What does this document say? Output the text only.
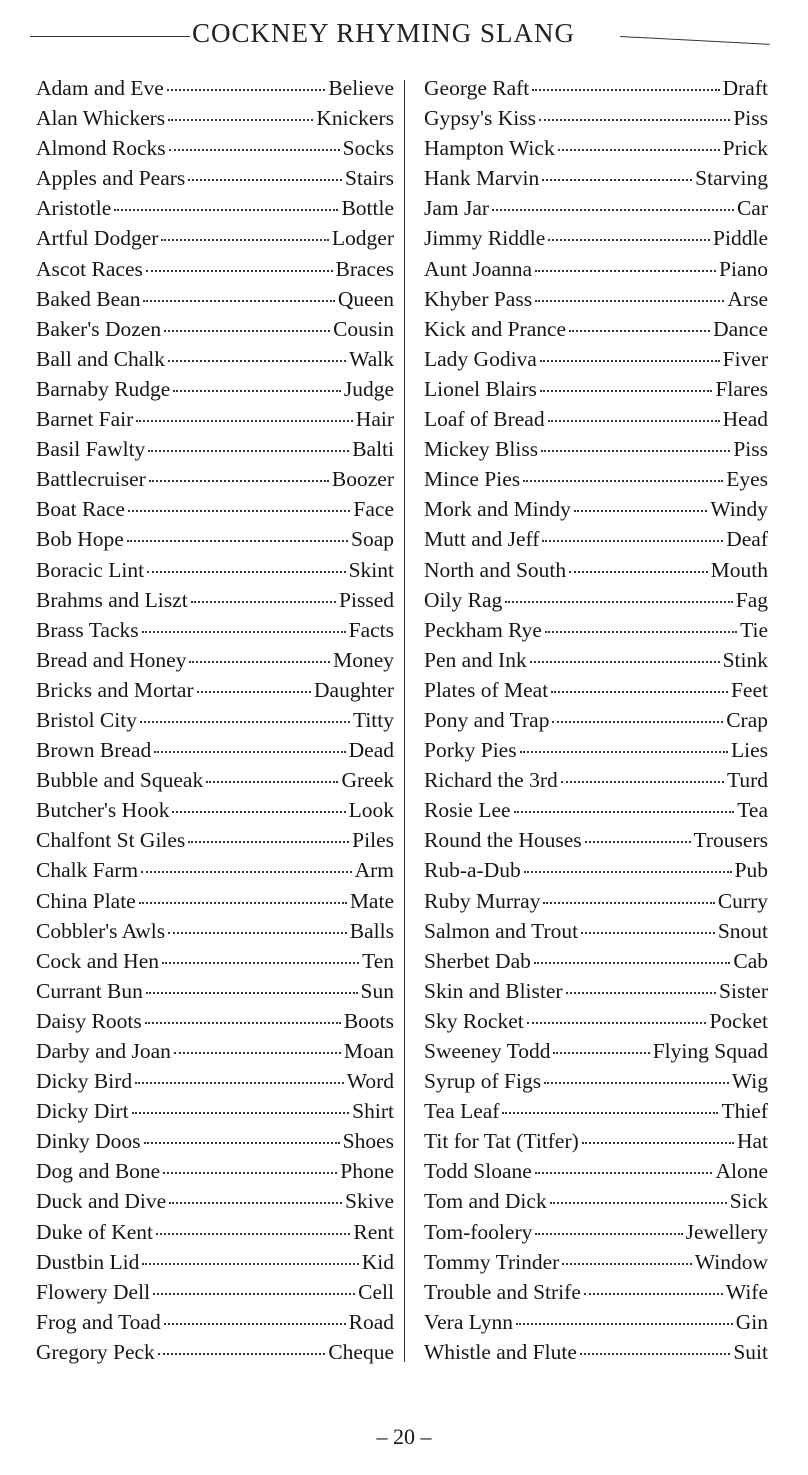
COCKNEY RHYMING SLANG
Adam and Eve	Believe
Alan Whickers	Knickers
Almond Rocks	Socks
Apples and Pears	Stairs
Aristotle	Bottle
Artful Dodger	Lodger
Ascot Races	Braces
Baked Bean	Queen
Baker's Dozen	Cousin
Ball and Chalk	Walk
Barnaby Rudge	Judge
Barnet Fair	Hair
Basil Fawlty	Balti
Battlecruiser	Boozer
Boat Race	Face
Bob Hope	Soap
Boracic Lint	Skint
Brahms and Liszt	Pissed
Brass Tacks	Facts
Bread and Honey	Money
Bricks and Mortar	Daughter
Bristol City	Titty
Brown Bread	Dead
Bubble and Squeak	Greek
Butcher's Hook	Look
Chalfont St Giles	Piles
Chalk Farm	Arm
China Plate	Mate
Cobbler's Awls	Balls
Cock and Hen	Ten
Currant Bun	Sun
Daisy Roots	Boots
Darby and Joan	Moan
Dicky Bird	Word
Dicky Dirt	Shirt
Dinky Doos	Shoes
Dog and Bone	Phone
Duck and Dive	Skive
Duke of Kent	Rent
Dustbin Lid	Kid
Flowery Dell	Cell
Frog and Toad	Road
Gregory Peck	Cheque
George Raft	Draft
Gypsy's Kiss	Piss
Hampton Wick	Prick
Hank Marvin	Starving
Jam Jar	Car
Jimmy Riddle	Piddle
Aunt Joanna	Piano
Khyber Pass	Arse
Kick and Prance	Dance
Lady Godiva	Fiver
Lionel Blairs	Flares
Loaf of Bread	Head
Mickey Bliss	Piss
Mince Pies	Eyes
Mork and Mindy	Windy
Mutt and Jeff	Deaf
North and South	Mouth
Oily Rag	Fag
Peckham Rye	Tie
Pen and Ink	Stink
Plates of Meat	Feet
Pony and Trap	Crap
Porky Pies	Lies
Richard the 3rd	Turd
Rosie Lee	Tea
Round the Houses	Trousers
Rub-a-Dub	Pub
Ruby Murray	Curry
Salmon and Trout	Snout
Sherbet Dab	Cab
Skin and Blister	Sister
Sky Rocket	Pocket
Sweeney Todd	Flying Squad
Syrup of Figs	Wig
Tea Leaf	Thief
Tit for Tat (Titfer)	Hat
Todd Sloane	Alone
Tom and Dick	Sick
Tom-foolery	Jewellery
Tommy Trinder	Window
Trouble and Strife	Wife
Vera Lynn	Gin
Whistle and Flute	Suit
– 20 –
